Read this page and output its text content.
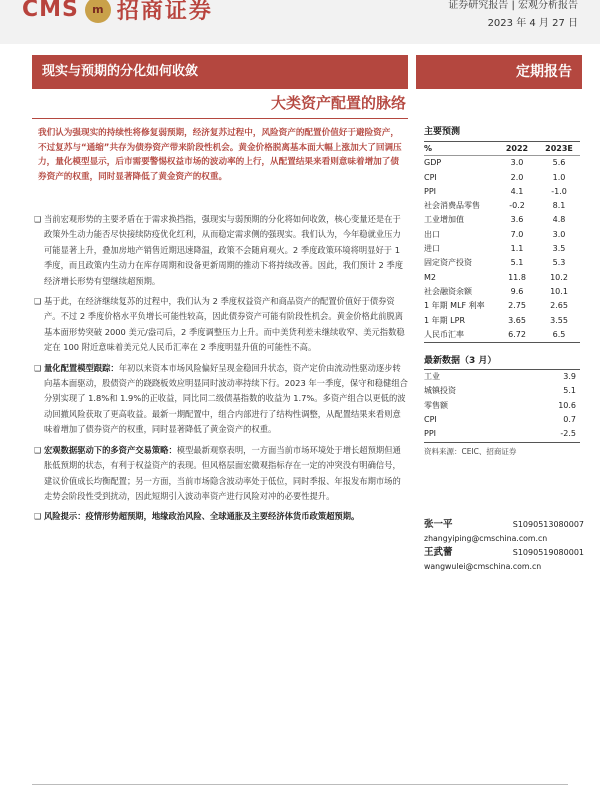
CMS	m 招商证券	证券研究报告 | 宏观分析报告
2023 年 4 月 27 日
现实与预期的分化如何收敛	定期报告
大类资产配置的脉络
我们认为强现实的持续性将修复弱预期，经济复苏过程中，风险资产的配置价值好于避险资产，不过复苏与“通缩”共存为债券资产带来阶段性机会。黄金价格脱离基本面大幅上涨加大了回调压力，量化模型显示，后市需要警惕权益市场的波动率的上行，从配置结果来看则意味着增加了债券资产的权重，同时显著降低了黄金资产的权重。
❑ 当前宏观形势的主要矛盾在于需求换挡指，强现实与弱预期的分化将如何收敛，核心变量还是在于政策外生动力能否尽快接续防疫优化红利，从而稳定需求侧的强现实。我们认为，今年稳就业压力可能显著上升，叠加房地产销售近期迅速降温，政策不会随肩观火。2 季度政策环境将明显好于 1 季度，而且政策内生动力在库存周期和设备更新周期的推动下将持续改善。因此，我们预计 2 季度经济增长形势有望继续超预期。
❑ 基于此，在经济继续复苏的过程中，我们认为 2 季度权益资产和商品资产的配置价值好于债券资产。不过 2 季度价格水平负增长可能性较高，因此债券资产可能有阶段性机会。黄金价格此前脱离基本面形势突破 2000 美元/盎司后，2 季度调整压力上升。而中美货利差未继续收窄、美元指数稳定在 100 附近意味着美元兑人民币汇率在 2 季度明显升值的可能性不高。
❑ 量化配置模型跟踪：年初以来资本市场风险偏好呈现金稳回升状态，资产定价由流动性驱动逐步转向基本面驱动，股债资产的跷跷板效应明显同时波动率持续下行。2023 年一季度，保守和稳健组合分别实现了 1.8%和 1.9%的正收益，同比同二级债基指数的收益为 1.7%。多资产组合以更低的波动回撤风险获取了更高收益。最新一期配置中，组合内部进行了结构性调整，从配置结果来看则意味着增加了债券资产的权重，同时显著降低了黄金资产的权重。
❑ 宏观数据驱动下的多资产交易策略：模型最新观察表明，一方面当前市场环境处于增长超预期但通胀低预期的状态，有利于权益资产的表现。但风格层面宏微观指标存在一定的冲突没有明确信号，建议价值成长均衡配置；另一方面，当前市场隐含波动率处于低位，同时季报、年报发布期市场的走势会阶段性受到扰动，因此短期引入波动率资产进行风险对冲的必要性提升。
❑ 风险提示：疫情形势超预期，地缘政治风险、全球通胀及主要经济体货币政策超预期。
主要预测
%	2022	2023E
GDP	3.0	5.6
CPI	2.0	1.0
PPI	4.1	-1.0
社会消费品零售	-0.2	8.1
工业增加值	3.6	4.8
出口	7.0	3.0
进口	1.1	3.5
固定资产投资	5.1	5.3
M2	11.8	10.2
社会融资余额	9.6	10.1
1 年期 MLF 利率	2.75	2.65
1 年期 LPR	3.65	3.55
人民币汇率	6.72	6.5
最新数据（3 月）
工业	3.9
城镇投资	5.1
零售额	10.6
CPI	0.7
PPI	-2.5
资料来源：CEIC、招商证券
张一平	S1090513080007
zhangyiping@cmschina.com.cn
王武蕾	S1090519080001
wangwulei@cmschina.com.cn
